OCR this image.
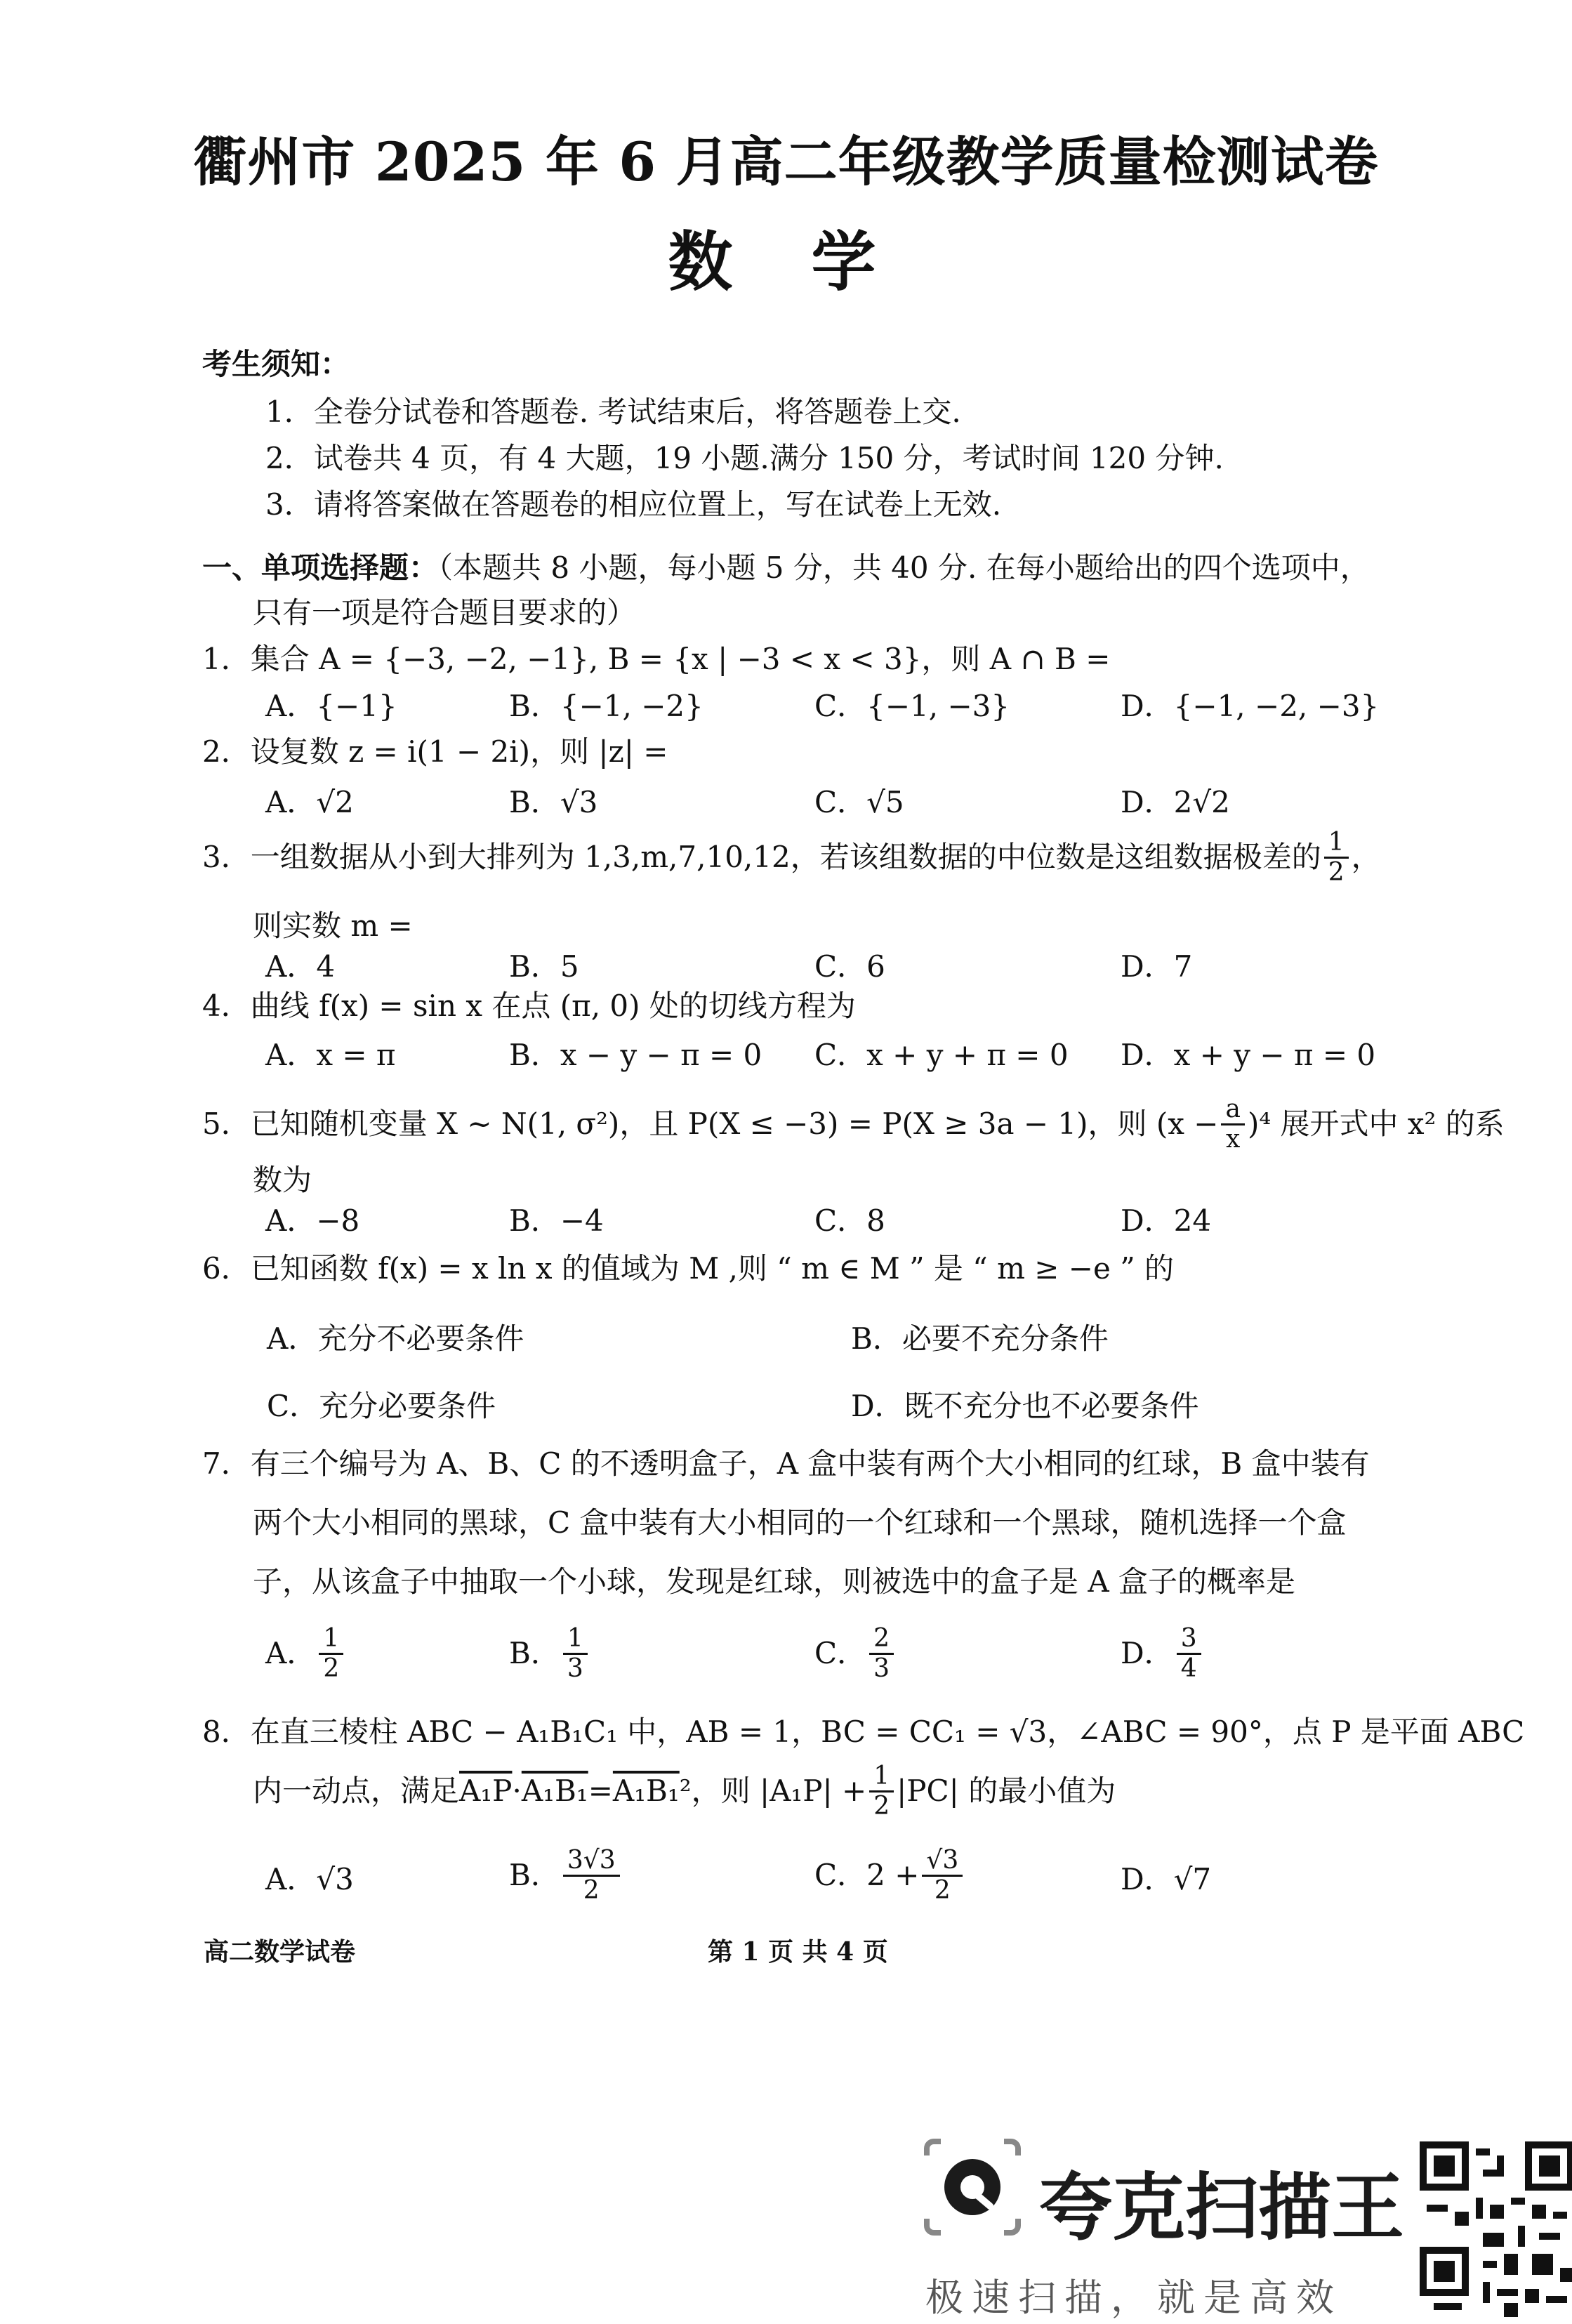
衢州市 2025 年 6 月高二年级教学质量检测试卷
数 学
考生须知：
1．全卷分试卷和答题卷. 考试结束后，将答题卷上交.
2．试卷共 4 页，有 4 大题，19 小题.满分 150 分，考试时间 120 分钟.
3．请将答案做在答题卷的相应位置上，写在试卷上无效.
一、单项选择题：（本题共 8 小题，每小题 5 分，共 40 分. 在每小题给出的四个选项中，
只有一项是符合题目要求的）
1．集合 A = {−3, −2, −1}, B = {x | −3 < x < 3}，则 A ∩ B =
A．{−1}	B．{−1, −2}	C．{−1, −3}	D．{−1, −2, −3}
2．设复数 z = i(1 − 2i)，则 |z| =
A．√2	B．√3	C．√5	D．2√2
3．一组数据从小到大排列为 1,3,m,7,10,12，若该组数据的中位数是这组数据极差的 $\frac{1}{2}$ ，
则实数 m =
A．4	B．5	C．6	D．7
4．曲线 f(x) = sin x 在点 (π, 0) 处的切线方程为
A．x = π	B．x − y − π = 0 C．x + y + π = 0 D．x + y − π = 0
5．已知随机变量 X ~ N(1, σ²)，且 P(X ≤ −3) = P(X ≥ 3a − 1)，则 $(x - \frac{a}{x} )^4$ 展开式中 x² 的系
数为
A．−8	B．−4	C．8	D．24
6．已知函数 f(x) = x ln x 的值域为 M ,则 “ m ∈ M ” 是 “ m ≥ −e ” 的
A．充分不必要条件	B．必要不充分条件
C．充分必要条件	D．既不充分也不必要条件
7．有三个编号为 A、B、C 的不透明盒子，A 盒中装有两个大小相同的红球，B 盒中装有
两个大小相同的黑球，C 盒中装有大小相同的一个红球和一个黑球，随机选择一个盒
子，从该盒子中抽取一个小球，发现是红球，则被选中的盒子是 A 盒子的概率是
A． $\frac{1}{2}$	B． $\frac{1}{3}$	C． $\frac{2}{3}$	D． $\frac{3}{4}$
8．在直三棱柱 ABC − A₁B₁C₁ 中，AB = 1，BC = CC₁ = √3，∠ABC = 90°，点 P 是平面 ABC
内一动点，满足 A₁P · A₁B₁ = A₁B₁ ² ，则 $|A_1P| + \frac{1}{2} |PC|$ 的最小值为
A．√3	B． $\frac{3√3}{2}$	C．$2 + \frac{√3}{2}$	D．√7
高二数学试卷	第 1 页 共 4 页
夸克扫描王
极速扫描，就是高效
